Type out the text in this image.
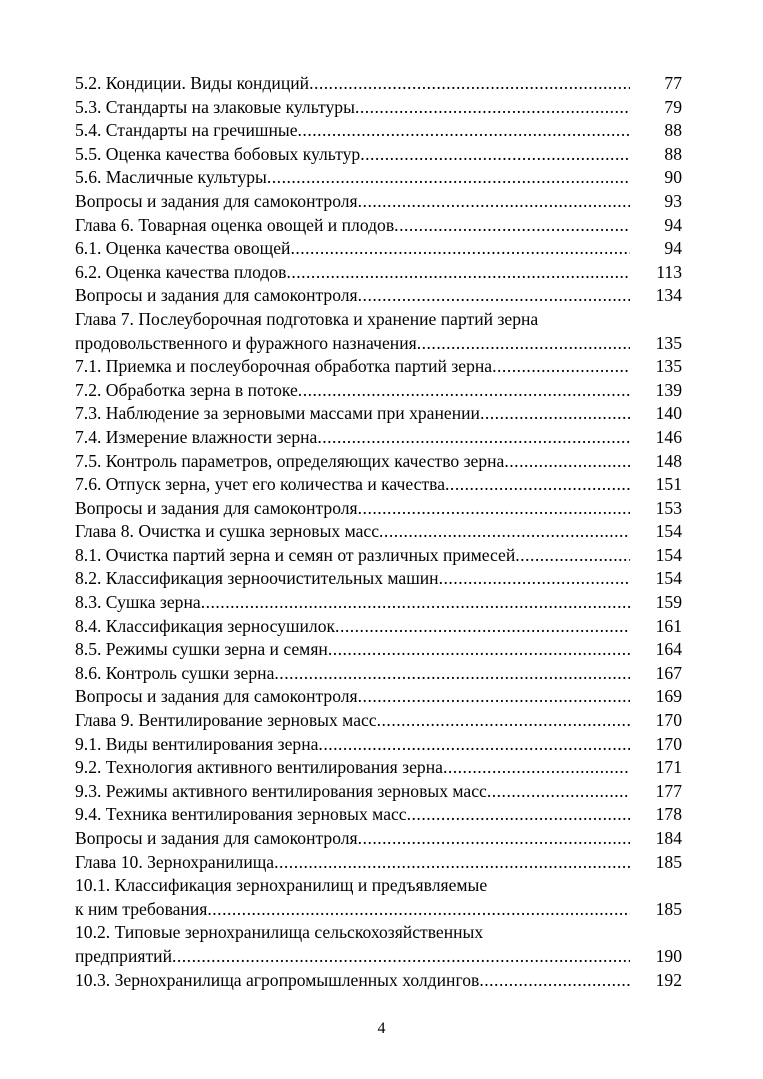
5.2. Кондиции. Виды кондиций .....	77
5.3. Стандарты на злаковые культуры .....	79
5.4. Стандарты на гречишные .....	88
5.5. Оценка качества бобовых культур .....	88
5.6. Масличные культуры .....	90
Вопросы и задания для самоконтроля .....	93
Глава 6. Товарная оценка овощей и плодов .....	94
6.1. Оценка качества овощей .....	94
6.2. Оценка качества плодов .....	113
Вопросы и задания для самоконтроля .....	134
Глава 7. Послеуборочная подготовка и хранение партий зерна
продовольственного и фуражного назначения .....	135
7.1. Приемка и послеуборочная обработка партий зерна .....	135
7.2. Обработка зерна в потоке .....	139
7.3. Наблюдение за зерновыми массами при хранении .....	140
7.4. Измерение влажности зерна .....	146
7.5. Контроль параметров, определяющих качество зерна .....	148
7.6. Отпуск зерна, учет его количества и качества .....	151
Вопросы и задания для самоконтроля .....	153
Глава 8. Очистка и сушка зерновых масс .....	154
8.1. Очистка партий зерна и семян от различных примесей .....	154
8.2. Классификация зерноочистительных машин .....	154
8.3. Сушка зерна .....	159
8.4. Классификация зерносушилок .....	161
8.5. Режимы сушки зерна и семян .....	164
8.6. Контроль сушки зерна .....	167
Вопросы и задания для самоконтроля .....	169
Глава 9. Вентилирование зерновых масс .....	170
9.1. Виды вентилирования зерна .....	170
9.2. Технология активного вентилирования зерна .....	171
9.3. Режимы активного вентилирования зерновых масс .....	177
9.4. Техника вентилирования зерновых масс .....	178
Вопросы и задания для самоконтроля .....	184
Глава 10. Зернохранилища .....	185
10.1. Классификация зернохранилищ и предъявляемые
к ним требования .....	185
10.2. Типовые зернохранилища сельскохозяйственных
предприятий .....	190
10.3. Зернохранилища агропромышленных холдингов .....	192
4
